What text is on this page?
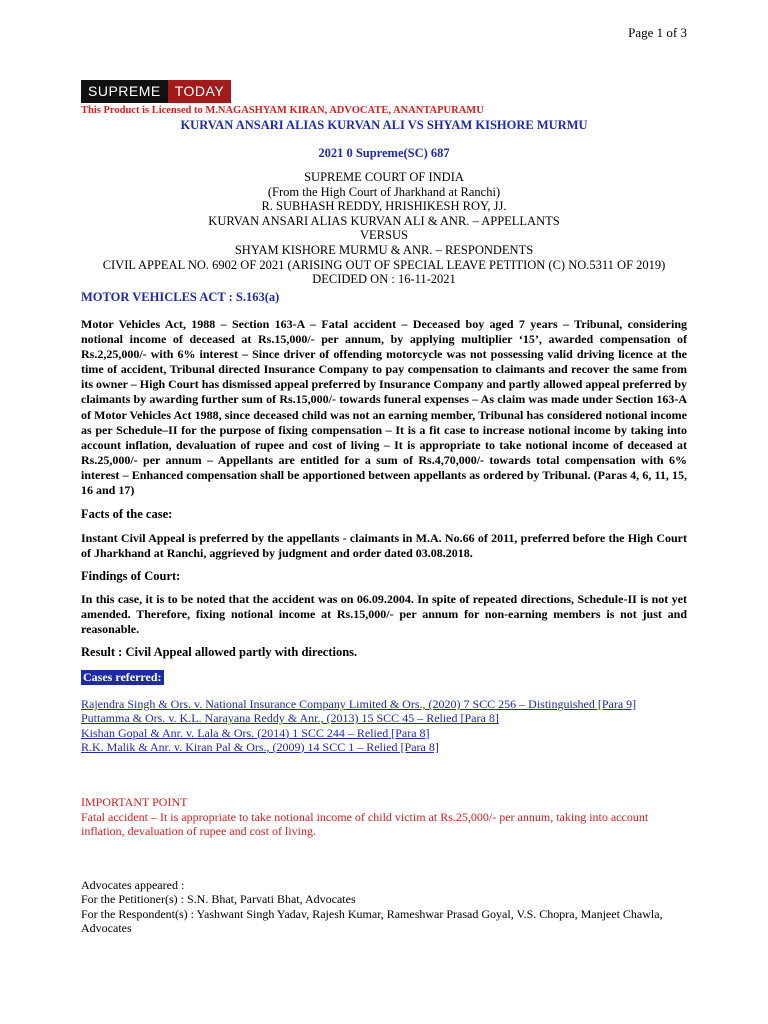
Page 1 of 3
SUPREME	TODAY
This Product is Licensed to M.NAGASHYAM KIRAN, ADVOCATE, ANANTAPURAMU
KURVAN ANSARI ALIAS KURVAN ALI VS SHYAM KISHORE MURMU
2021 0 Supreme(SC) 687
SUPREME COURT OF INDIA
(From the High Court of Jharkhand at Ranchi)
R. SUBHASH REDDY, HRISHIKESH ROY, JJ.
KURVAN ANSARI ALIAS KURVAN ALI & ANR. – APPELLANTS
VERSUS
SHYAM KISHORE MURMU & ANR. – RESPONDENTS
CIVIL APPEAL NO. 6902 OF 2021 (ARISING OUT OF SPECIAL LEAVE PETITION (C) NO.5311 OF 2019)
DECIDED ON : 16-11-2021
MOTOR VEHICLES ACT : S.163(a)
Motor Vehicles Act, 1988 – Section 163-A – Fatal accident – Deceased boy aged 7 years – Tribunal, considering notional income of deceased at Rs.15,000/- per annum, by applying multiplier ‘15’, awarded compensation of Rs.2,25,000/- with 6% interest – Since driver of offending motorcycle was not possessing valid driving licence at the time of accident, Tribunal directed Insurance Company to pay compensation to claimants and recover the same from its owner – High Court has dismissed appeal preferred by Insurance Company and partly allowed appeal preferred by claimants by awarding further sum of Rs.15,000/- towards funeral expenses – As claim was made under Section 163-A of Motor Vehicles Act 1988, since deceased child was not an earning member, Tribunal has considered notional income as per Schedule–II for the purpose of fixing compensation – It is a fit case to increase notional income by taking into account inflation, devaluation of rupee and cost of living – It is appropriate to take notional income of deceased at Rs.25,000/- per annum – Appellants are entitled for a sum of Rs.4,70,000/- towards total compensation with 6% interest – Enhanced compensation shall be apportioned between appellants as ordered by Tribunal. (Paras 4, 6, 11, 15, 16 and 17)
Facts of the case:
Instant Civil Appeal is preferred by the appellants - claimants in M.A. No.66 of 2011, preferred before the High Court of Jharkhand at Ranchi, aggrieved by judgment and order dated 03.08.2018.
Findings of Court:
In this case, it is to be noted that the accident was on 06.09.2004. In spite of repeated directions, Schedule-II is not yet amended. Therefore, fixing notional income at Rs.15,000/- per annum for non-earning members is not just and reasonable.
Result : Civil Appeal allowed partly with directions.
Cases referred:
Rajendra Singh & Ors. v. National Insurance Company Limited & Ors., (2020) 7 SCC 256 – Distinguished [Para 9]
Puttamma & Ors. v. K.L. Narayana Reddy & Anr., (2013) 15 SCC 45 – Relied [Para 8]
Kishan Gopal & Anr. v. Lala & Ors. (2014) 1 SCC 244 – Relied [Para 8]
R.K. Malik & Anr. v. Kiran Pal & Ors., (2009) 14 SCC 1 – Relied [Para 8]
IMPORTANT POINT
Fatal accident – It is appropriate to take notional income of child victim at Rs.25,000/- per annum, taking into account inflation, devaluation of rupee and cost of living.
Advocates appeared :
For the Petitioner(s) : S.N. Bhat, Parvati Bhat, Advocates
For the Respondent(s) : Yashwant Singh Yadav, Rajesh Kumar, Rameshwar Prasad Goyal, V.S. Chopra, Manjeet Chawla, Advocates
